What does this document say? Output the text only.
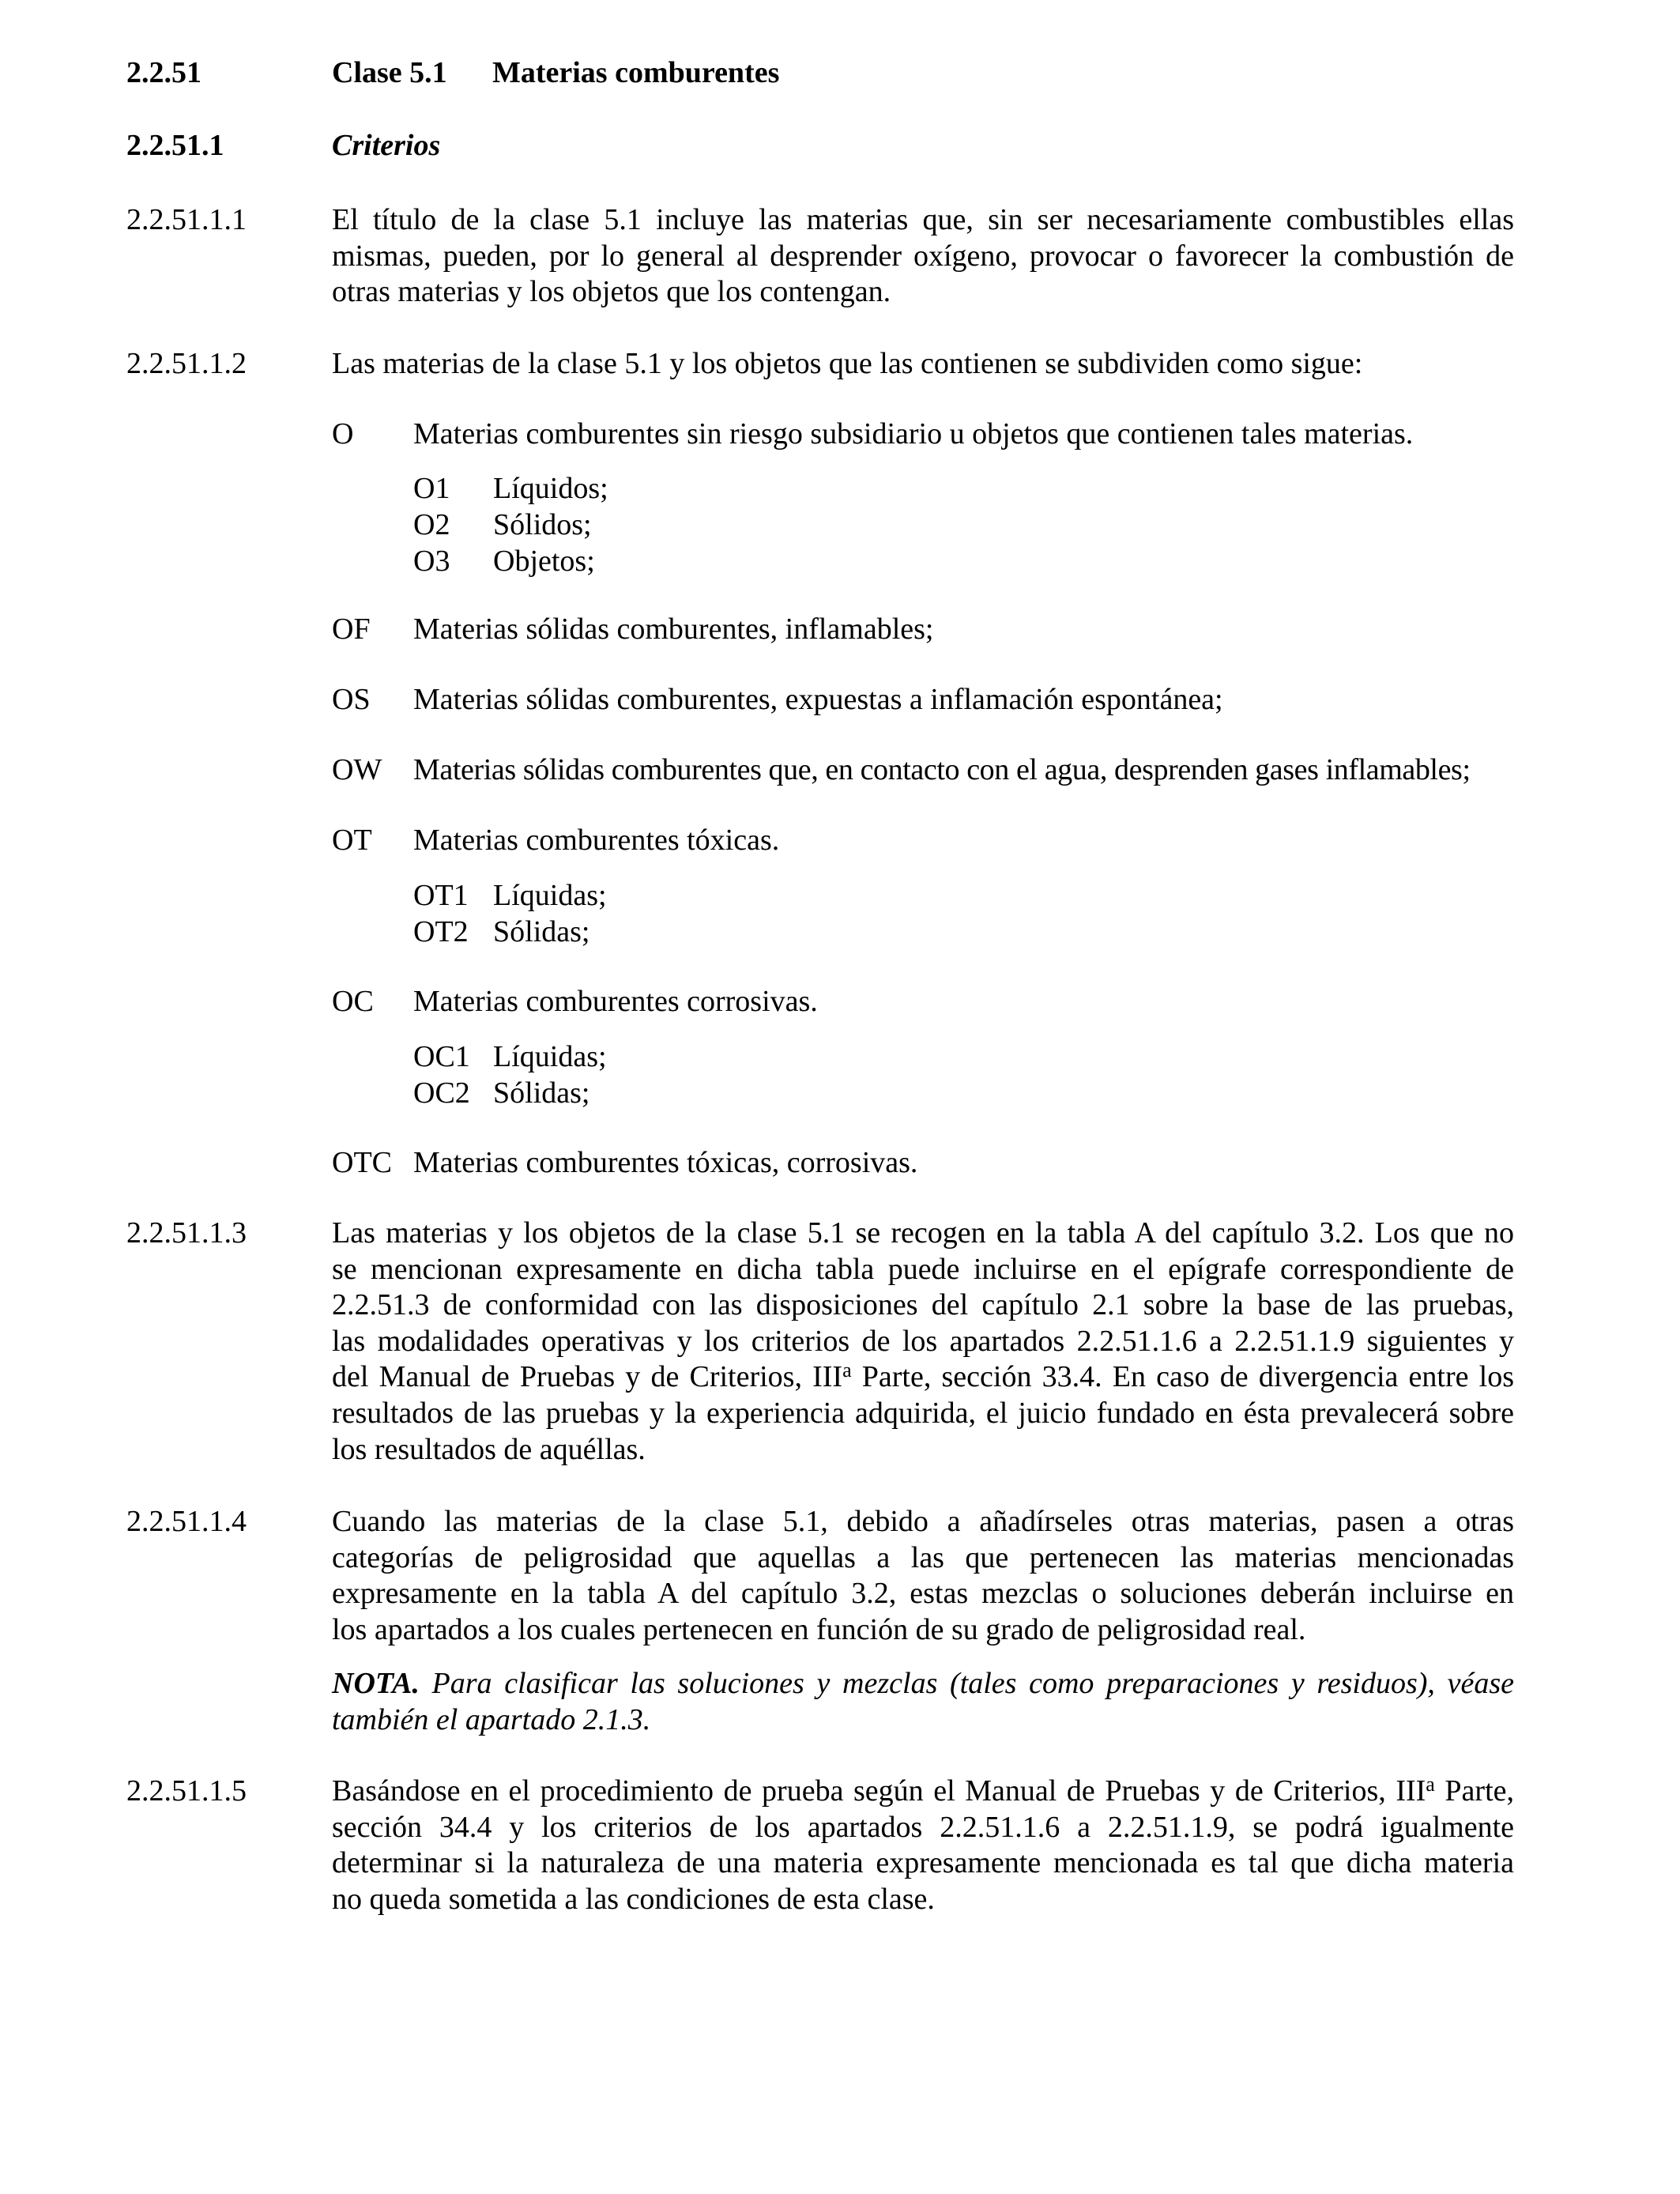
2.2.51	Clase 5.1 Materias comburentes
2.2.51.1	Criterios
2.2.51.1.1	El título de la clase 5.1 incluye las materias que, sin ser necesariamente combustibles ellas
mismas, pueden, por lo general al desprender oxígeno, provocar o favorecer la combustión de
otras materias y los objetos que los contengan.
2.2.51.1.2	Las materias de la clase 5.1 y los objetos que las contienen se subdividen como sigue:
O Materias comburentes sin riesgo subsidiario u objetos que contienen tales materias.
O1 Líquidos;
O2 Sólidos;
O3 Objetos;
OF Materias sólidas comburentes, inflamables;
OS Materias sólidas comburentes, expuestas a inflamación espontánea;
OW Materias sólidas comburentes que, en contacto con el agua, desprenden gases inflamables;
OT Materias comburentes tóxicas.
OT1 Líquidas;
OT2 Sólidas;
OC Materias comburentes corrosivas.
OC1 Líquidas;
OC2 Sólidas;
OTC Materias comburentes tóxicas, corrosivas.
2.2.51.1.3	Las materias y los objetos de la clase 5.1 se recogen en la tabla A del capítulo 3.2. Los que no
se mencionan expresamente en dicha tabla puede incluirse en el epígrafe correspondiente de
2.2.51.3 de conformidad con las disposiciones del capítulo 2.1 sobre la base de las pruebas,
las modalidades operativas y los criterios de los apartados 2.2.51.1.6 a 2.2.51.1.9 siguientes y
del Manual de Pruebas y de Criterios, III$^a$ Parte, sección 33.4. En caso de divergencia entre los
resultados de las pruebas y la experiencia adquirida, el juicio fundado en ésta prevalecerá sobre
los resultados de aquéllas.
2.2.51.1.4	Cuando las materias de la clase 5.1, debido a añadírseles otras materias, pasen a otras
categorías de peligrosidad que aquellas a las que pertenecen las materias mencionadas
expresamente en la tabla A del capítulo 3.2, estas mezclas o soluciones deberán incluirse en
los apartados a los cuales pertenecen en función de su grado de peligrosidad real.
NOTA. Para clasificar las soluciones y mezclas (tales como preparaciones y residuos), véase
también el apartado 2.1.3.
2.2.51.1.5	Basándose en el procedimiento de prueba según el Manual de Pruebas y de Criterios, III$^a$ Parte,
sección 34.4 y los criterios de los apartados 2.2.51.1.6 a 2.2.51.1.9, se podrá igualmente
determinar si la naturaleza de una materia expresamente mencionada es tal que dicha materia
no queda sometida a las condiciones de esta clase.
